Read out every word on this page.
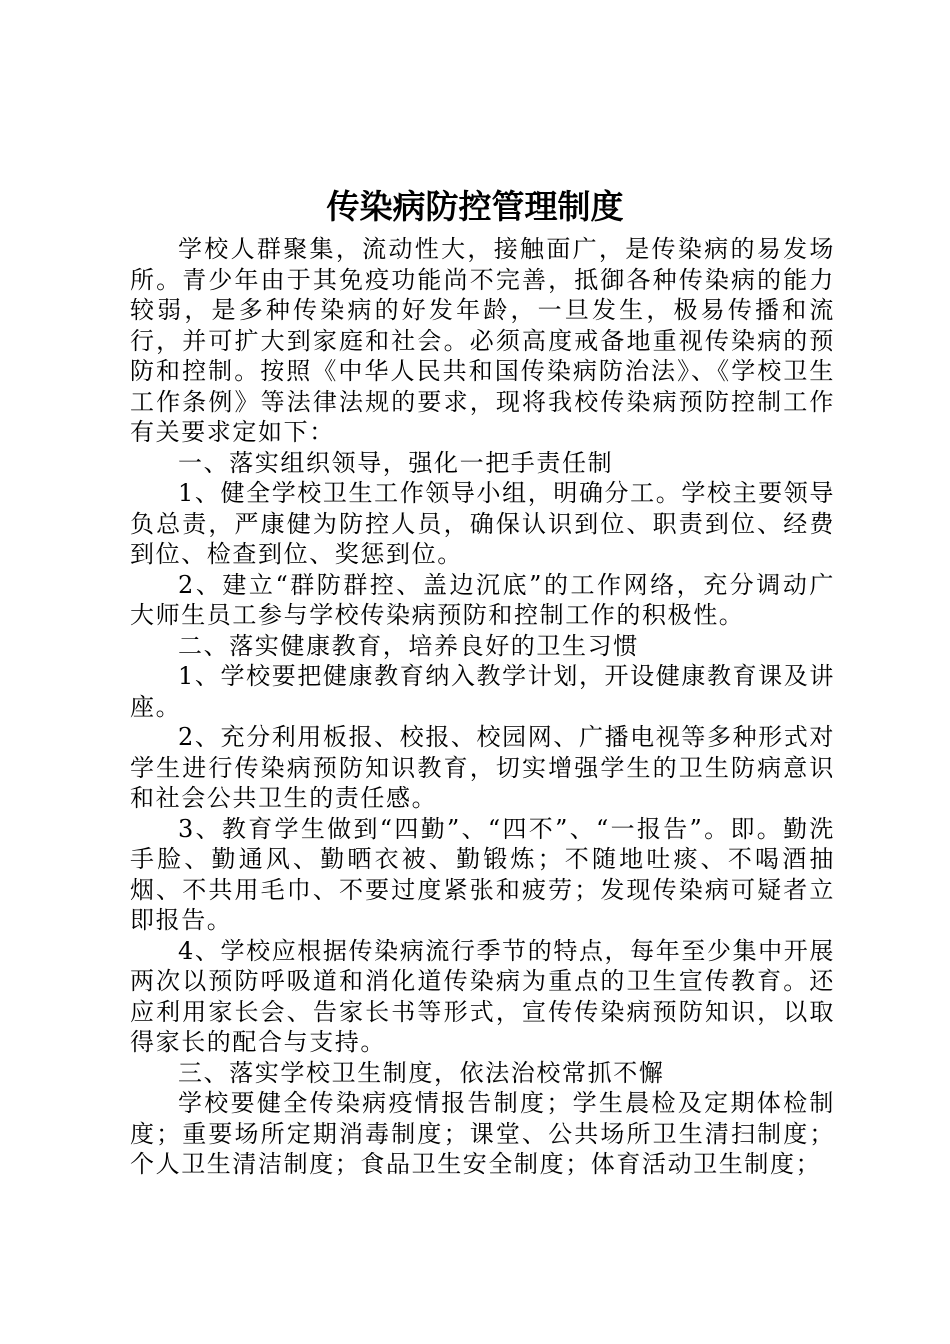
传染病防控管理制度

学校人群聚集，流动性大，接触面广，是传染病的易发场所。青少年由于其免疫功能尚不完善，抵御各种传染病的能力较弱，是多种传染病的好发年龄，一旦发生，极易传播和流行，并可扩大到家庭和社会。必须高度戒备地重视传染病的预防和控制。按照《中华人民共和国传染病防治法》、《学校卫生工作条例》等法律法规的要求，现将我校传染病预防控制工作有关要求定如下：

一、落实组织领导，强化一把手责任制

1、健全学校卫生工作领导小组，明确分工。学校主要领导负总责，严康健为防控人员，确保认识到位、职责到位、经费到位、检查到位、奖惩到位。

2、建立“群防群控、盖边沉底”的工作网络，充分调动广大师生员工参与学校传染病预防和控制工作的积极性。

二、落实健康教育，培养良好的卫生习惯

1、学校要把健康教育纳入教学计划，开设健康教育课及讲座。

2、充分利用板报、校报、校园网、广播电视等多种形式对学生进行传染病预防知识教育，切实增强学生的卫生防病意识和社会公共卫生的责任感。

3、教育学生做到“四勤”、“四不”、“一报告”。即。勤洗手脸、勤通风、勤晒衣被、勤锻炼；不随地吐痰、不喝酒抽烟、不共用毛巾、不要过度紧张和疲劳；发现传染病可疑者立即报告。

4、学校应根据传染病流行季节的特点，每年至少集中开展两次以预防呼吸道和消化道传染病为重点的卫生宣传教育。还应利用家长会、告家长书等形式，宣传传染病预防知识，以取得家长的配合与支持。

三、落实学校卫生制度，依法治校常抓不懈

学校要健全传染病疫情报告制度；学生晨检及定期体检制度；重要场所定期消毒制度；课堂、公共场所卫生清扫制度；个人卫生清洁制度；食品卫生安全制度；体育活动卫生制度；
